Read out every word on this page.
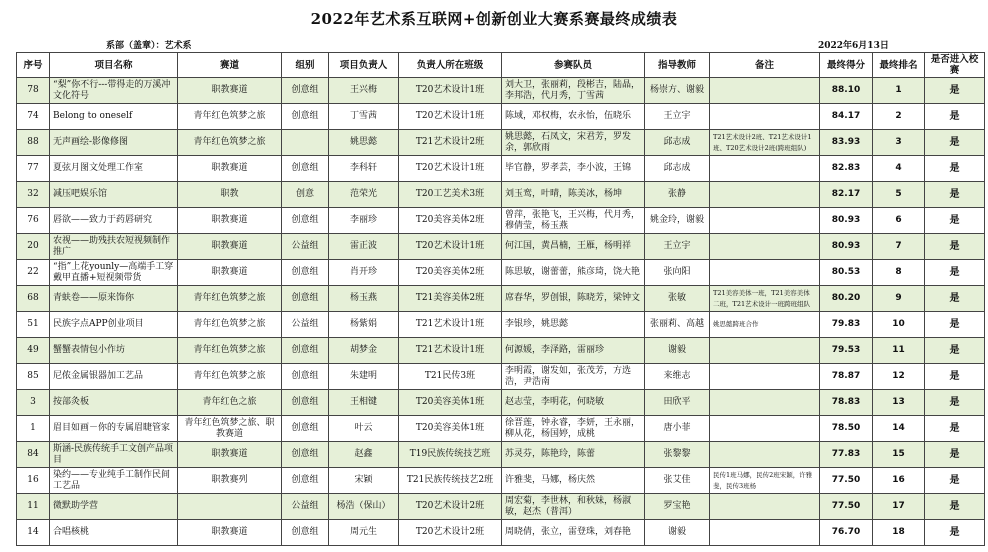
2022年艺术系互联网+创新创业大赛系赛最终成绩表
系部（盖章）：艺术系	2022年6月13日
序号	项目名称	赛道	组别	项目负责人	负责人所在班级	参赛队员	指导教师	备注	最终得分	最终排名	是否进入校赛
78	“梨”你不行---带得走的万溪冲文化符号	职教赛道	创意组	王兴梅	T20艺术设计1班	刘大卫，张丽莉，段彬吉，陆晶，李邦浩，代月秀，丁雪茜	杨崇方、谢毅		88.10	1	是
74	Belong to oneself	青年红色筑梦之旅	创意组	丁雪茜	T20艺术设计1班	陈域，邓权梅，农永怡，伍晓乐	王立宇		84.17	2	是
88	无声画绘-影像修图	青年红色筑梦之旅		姚思懿	T21艺术设计2班	姚思懿，石凤文，宋君芳，罗发余，郭欣雨	邱志成	T21艺术设计2班、T21艺术设计1班、T20艺术设计2班(跨班组队)	83.93	3	是
77	夏弦月图文处理工作室	职教赛道	创意组	李科轩	T20艺术设计1班	毕官静，罗孝芸，李小波，王锦	邱志成		82.83	4	是
32	减压吧娱乐馆	职教	创意	范荣光	T20工艺美术3班	刘玉鸾，叶晴，陈美冰，杨坤	张静		82.17	5	是
76	唇欲——致力于药唇研究	职教赛道	创意组	李丽珍	T20美容美体2班	曾萍，张艳飞，王兴梅，代月秀，穆倩莹，杨玉燕	姚金玲，谢毅		80.93	6	是
20	农视——助残扶农短视频制作推广	职教赛道	公益组	雷正波	T20艺术设计1班	何江国，黄昌楠，王雁，杨明祥	王立宇		80.93	7	是
22	“指”上花younly—高端手工穿戴甲直播+短视频带货	职教赛道	创意组	肖开珍	T20美容美体2班	陈思敏，谢蕾蕾，熊彦琦，饶大艳	张向阳		80.53	8	是
68	青蚨卷——原来饰你	青年红色筑梦之旅	创意组	杨玉燕	T21美容美体2班	席春华，罗创银，陈晓芳，梁钟文	张敏	T21美容美体一班，T21美容美体二班，T21艺术设计一班跨班组队	80.20	9	是
51	民族字点APP创业项目	青年红色筑梦之旅	公益组	杨紫娟	T21艺术设计1班	李银珍，姚思懿	张丽莉、高越	姚思懿跨班合作	79.83	10	是
49	蟹蟹表情包小作坊	青年红色筑梦之旅	创意组	胡梦金	T21艺术设计1班	何源媛，李泽路，雷丽珍	谢毅		79.53	11	是
85	尼侬金属银器加工艺品	青年红色筑梦之旅	创意组	朱建明	T21民传3班	李明霞，谢发如，张茂芳，方选浩，尹浩南	来维志		78.87	12	是
3	按部灸板	青年红色之旅	创意组	王相键	T20美容美体1班	赵志莹，李明花，何晓敏	田欣平		78.83	13	是
1	眉目如画－你的专属眉睫管家	青年红色筑梦之旅、职教赛道	创意组	叶云	T20美容美体1班	徐晋莲，钟永睿，李妍，王永丽，柳从花，杨国婷，成桃	唐小菲		78.50	14	是
84	斯涵-民族传统手工文创产品项目	职教赛道	创意组	赵鑫	T19民族传统技艺班	苏灵芬，陈艳玲，陈蕾	张黎黎		77.83	15	是
16	染约——专业纯手工制作民间工艺品	职教赛列	创意组	宋颖	T21民族传统技艺2班	许雅斐，马娜，杨庆然	张艾佳	民传1班马娜，民传2班宋颖，许雅斐，民传3班杨	77.50	16	是
11	微默助学营		公益组	杨浩（保山）	T20艺术设计2班	周宏菊，李世林，和秋妹，杨淑敏，赵杰（普洱）	罗宝艳		77.50	17	是
14	合唱核桃	职教赛道	创意组	周元生	T20艺术设计2班	周晓倩，张立，雷登珠，刘春艳	谢毅		76.70	18	是
